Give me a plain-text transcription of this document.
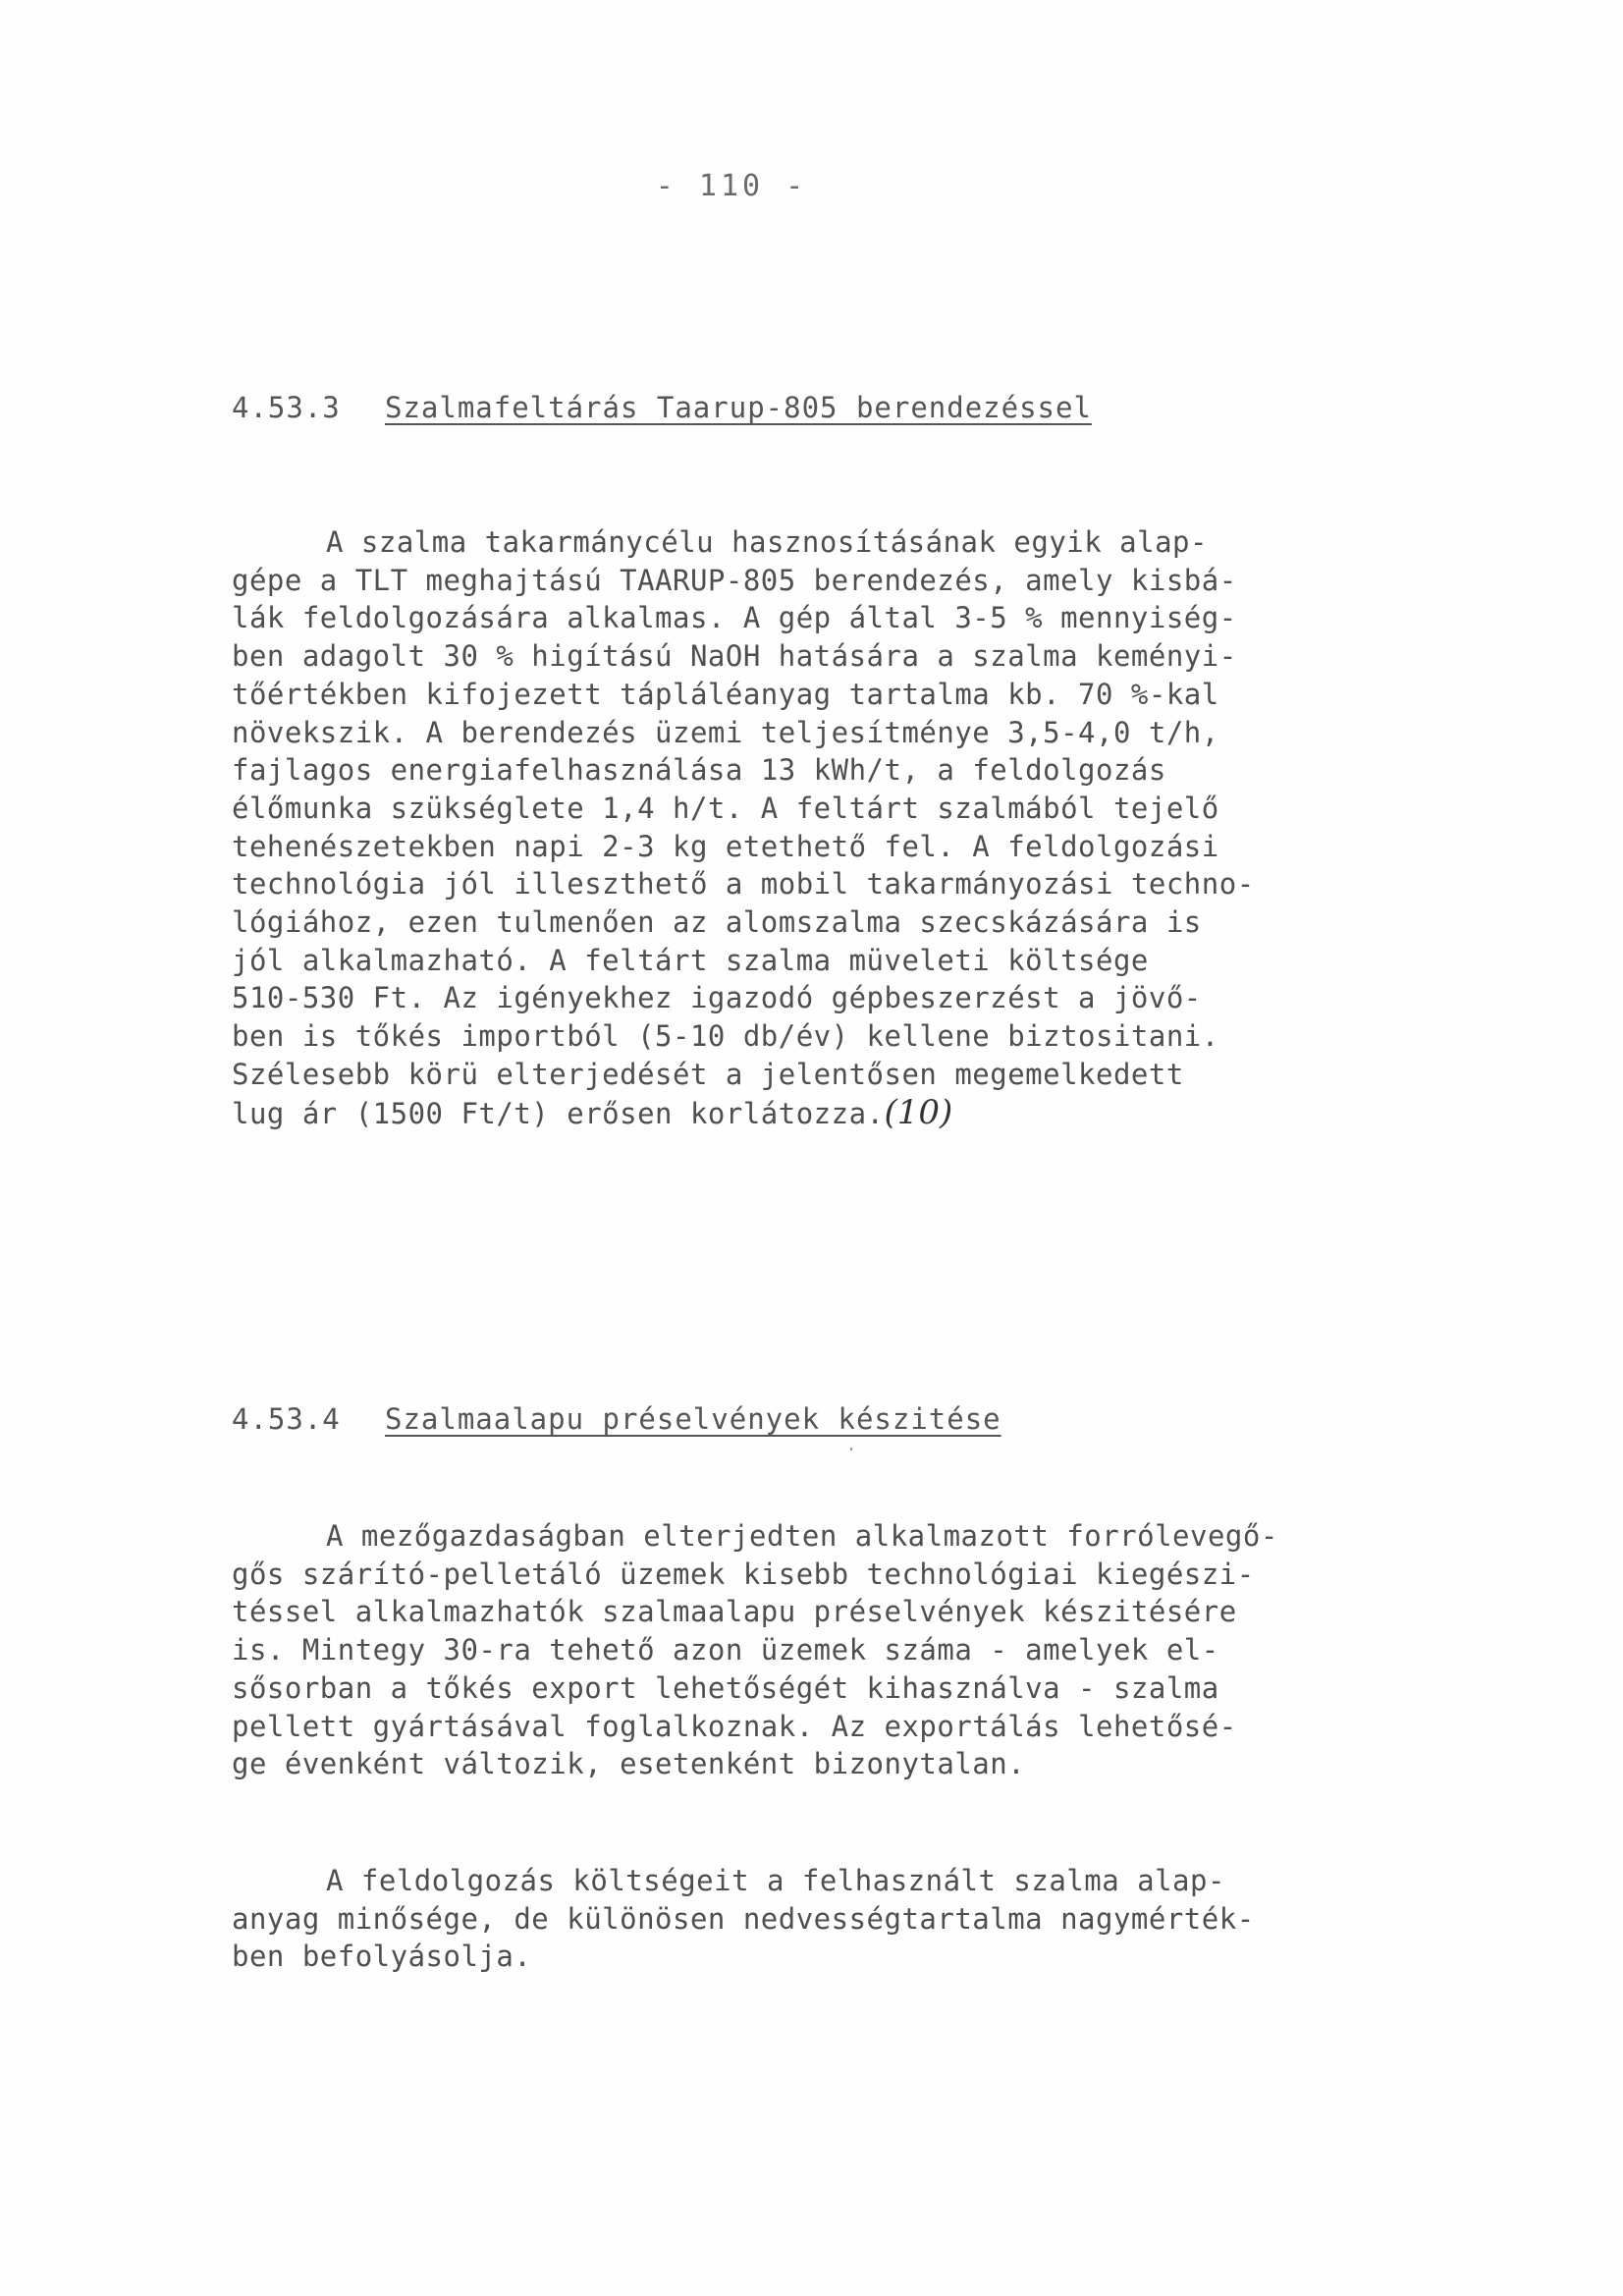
- 110 -
4.53.3 Szalmafeltárás Taarup-805 berendezéssel
A szalma takarmánycélu hasznosításának egyik alap-
gépe a TLT meghajtású TAARUP-805 berendezés, amely kisbá-
lák feldolgozására alkalmas. A gép által 3-5 % mennyiség-
ben adagolt 30 % higítású NaOH hatására a szalma keményi-
tőértékben kifojezett tápláléanyag tartalma kb. 70 %-kal
növekszik. A berendezés üzemi teljesítménye 3,5-4,0 t/h,
fajlagos energiafelhasználása 13 kWh/t, a feldolgozás
élőmunka szükséglete 1,4 h/t. A feltárt szalmából tejelő
tehenészetekben napi 2-3 kg etethető fel. A feldolgozási
technológia jól illeszthető a mobil takarmányozási techno-
lógiához, ezen tulmenően az alomszalma szecskázására is
jól alkalmazható. A feltárt szalma müveleti költsége
510-530 Ft. Az igényekhez igazodó gépbeszerzést a jövő-
ben is tőkés importból (5-10 db/év) kellene biztositani.
Szélesebb körü elterjedését a jelentősen megemelkedett
lug ár (1500 Ft/t) erősen korlátozza.(10)
4.53.4 Szalmaalapu préselvények készitése
A mezőgazdaságban elterjedten alkalmazott forrólevegő-
gős szárító-pelletáló üzemek kisebb technológiai kiegészi-
téssel alkalmazhatók szalmaalapu préselvények készitésére
is. Mintegy 30-ra tehető azon üzemek száma - amelyek el-
sősorban a tőkés export lehetőségét kihasználva - szalma
pellett gyártásával foglalkoznak. Az exportálás lehetősé-
ge évenként változik, esetenként bizonytalan.
A feldolgozás költségeit a felhasznált szalma alap-
anyag minősége, de különösen nedvességtartalma nagymérték-
ben befolyásolja.
